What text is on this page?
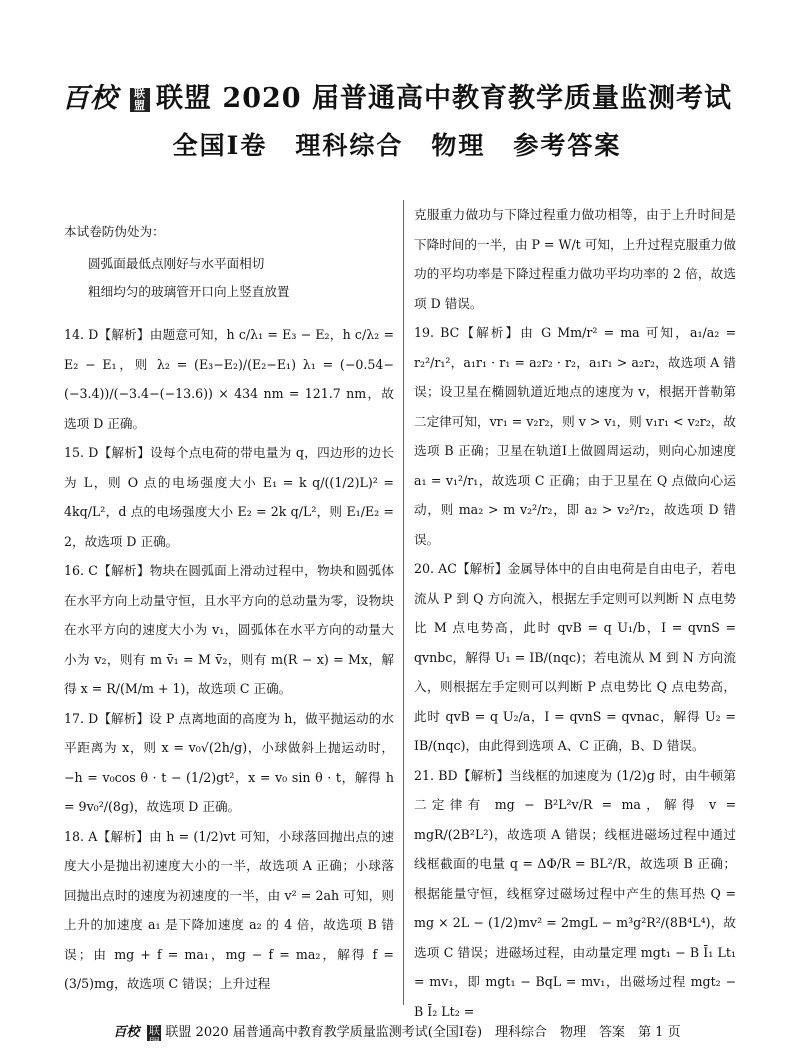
百校 联盟 联盟 2020 届普通高中教育教学质量监测考试
全国Ⅰ卷 理科综合 物理 参考答案

本试卷防伪处为：

圆弧面最低点刚好与水平面相切

粗细均匀的玻璃管开口向上竖直放置

14. D【解析】由题意可知，h c/λ₁ = E₃ − E₂，h c/λ₂ = E₂ − E₁，则 λ₂ = (E₃−E₂)/(E₂−E₁) λ₁ = (−0.54−(−3.4))/(−3.4−(−13.6)) × 434 nm = 121.7 nm，故选项 D 正确。

15. D【解析】设每个点电荷的带电量为 q，四边形的边长为 L，则 O 点的电场强度大小 E₁ = k q/((1/2)L)² = 4kq/L²，d 点的电场强度大小 E₂ = 2k q/L²，则 E₁/E₂ = 2，故选项 D 正确。

16. C【解析】物块在圆弧面上滑动过程中，物块和圆弧体在水平方向上动量守恒，且水平方向的总动量为零，设物块在水平方向的速度大小为 v₁，圆弧体在水平方向的动量大小为 v₂，则有 m v̄₁ = M v̄₂，则有 m(R − x) = Mx，解得 x = R/(M/m + 1)，故选项 C 正确。

17. D【解析】设 P 点离地面的高度为 h，做平抛运动的水平距离为 x，则 x = v₀√(2h/g)，小球做斜上抛运动时，−h = v₀cos θ · t − (1/2)gt²，x = v₀ sin θ · t，解得 h = 9v₀²/(8g)，故选项 D 正确。

18. A【解析】由 h = (1/2)vt 可知，小球落回抛出点的速度大小是抛出初速度大小的一半，故选项 A 正确；小球落回抛出点时的速度为初速度的一半，由 v² = 2ah 可知，则上升的加速度 a₁ 是下降加速度 a₂ 的 4 倍，故选项 B 错误；由 mg + f = ma₁，mg − f = ma₂，解得 f = (3/5)mg，故选项 C 错误；上升过程

克服重力做功与下降过程重力做功相等，由于上升时间是下降时间的一半，由 P = W/t 可知，上升过程克服重力做功的平均功率是下降过程重力做功平均功率的 2 倍，故选项 D 错误。

19. BC【解析】由 G Mm/r² = ma 可知，a₁/a₂ = r₂²/r₁²，a₁r₁ · r₁ = a₂r₂ · r₂，a₁r₁ > a₂r₂，故选项 A 错误；设卫星在椭圆轨道近地点的速度为 v，根据开普勒第二定律可知，vr₁ = v₂r₂，则 v > v₁，则 v₁r₁ < v₂r₂，故选项 B 正确；卫星在轨道Ⅰ上做圆周运动，则向心加速度 a₁ = v₁²/r₁，故选项 C 正确；由于卫星在 Q 点做向心运动，则 ma₂ > m v₂²/r₂，即 a₂ > v₂²/r₂，故选项 D 错误。

20. AC【解析】金属导体中的自由电荷是自由电子，若电流从 P 到 Q 方向流入，根据左手定则可以判断 N 点电势比 M 点电势高，此时 qvB = q U₁/b，I = qvnS = qvnbc，解得 U₁ = IB/(nqc)；若电流从 M 到 N 方向流入，则根据左手定则可以判断 P 点电势比 Q 点电势高，此时 qvB = q U₂/a，I = qvnS = qvnac，解得 U₂ = IB/(nqc)，由此得到选项 A、C 正确，B、D 错误。

21. BD【解析】当线框的加速度为 (1/2)g 时，由牛顿第二定律有 mg − B²L²v/R = ma，解得 v = mgR/(2B²L²)，故选项 A 错误；线框进磁场过程中通过线框截面的电量 q = ΔΦ/R = BL²/R，故选项 B 正确；根据能量守恒，线框穿过磁场过程中产生的焦耳热 Q = mg × 2L − (1/2)mv² = 2mgL − m³g²R²/(8B⁴L⁴)，故选项 C 错误；进磁场过程，由动量定理 mgt₁ − B Ī₁ Lt₁ = mv₁，即 mgt₁ − BqL = mv₁，出磁场过程 mgt₂ − B Ī₂ Lt₂ =

百校 联盟联盟 2020 届普通高中教育教学质量监测考试(全国Ⅰ卷)　理科综合　物理　答案　第 1 页
